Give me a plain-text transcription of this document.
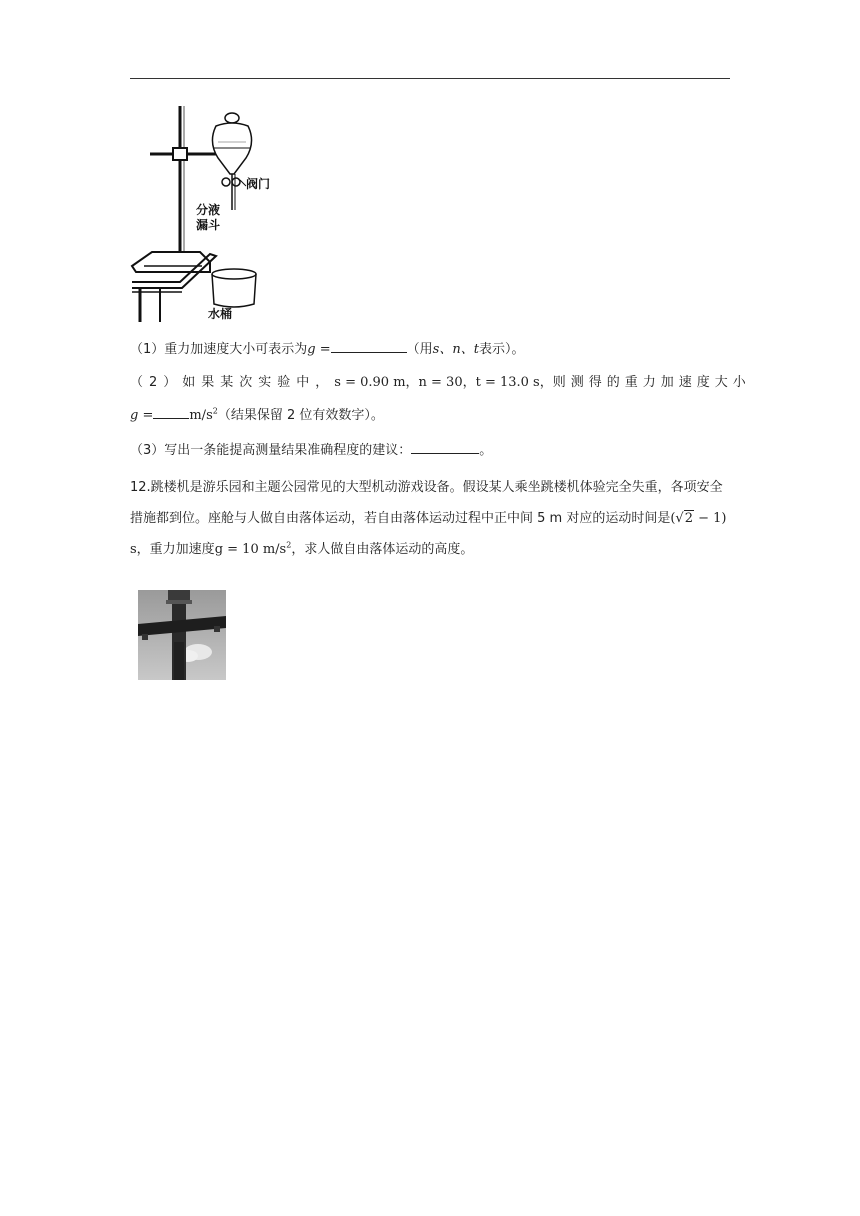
阀门
分液
漏斗
水桶
（1）重力加速度大小可表示为g =	（用s、n、t表示）。
（2）如果某次实验中， s = 0.90 m， n = 30， t = 13.0 s， 则测得的重力加速度大小
g =	$m/s^2$（结果保留 2 位有效数字）。
（3）写出一条能提高测量结果准确程度的建议：	。
12.跳楼机是游乐园和主题公园常见的大型机动游戏设备。假设某人乘坐跳楼机体验完全失重，各项安全措施都到位。座舱与人做自由落体运动，若自由落体运动过程中正中间 5 m 对应的运动时间是(√2 − 1) s，重力加速度g = 10 $m/s^2$，求人做自由落体运动的高度。
